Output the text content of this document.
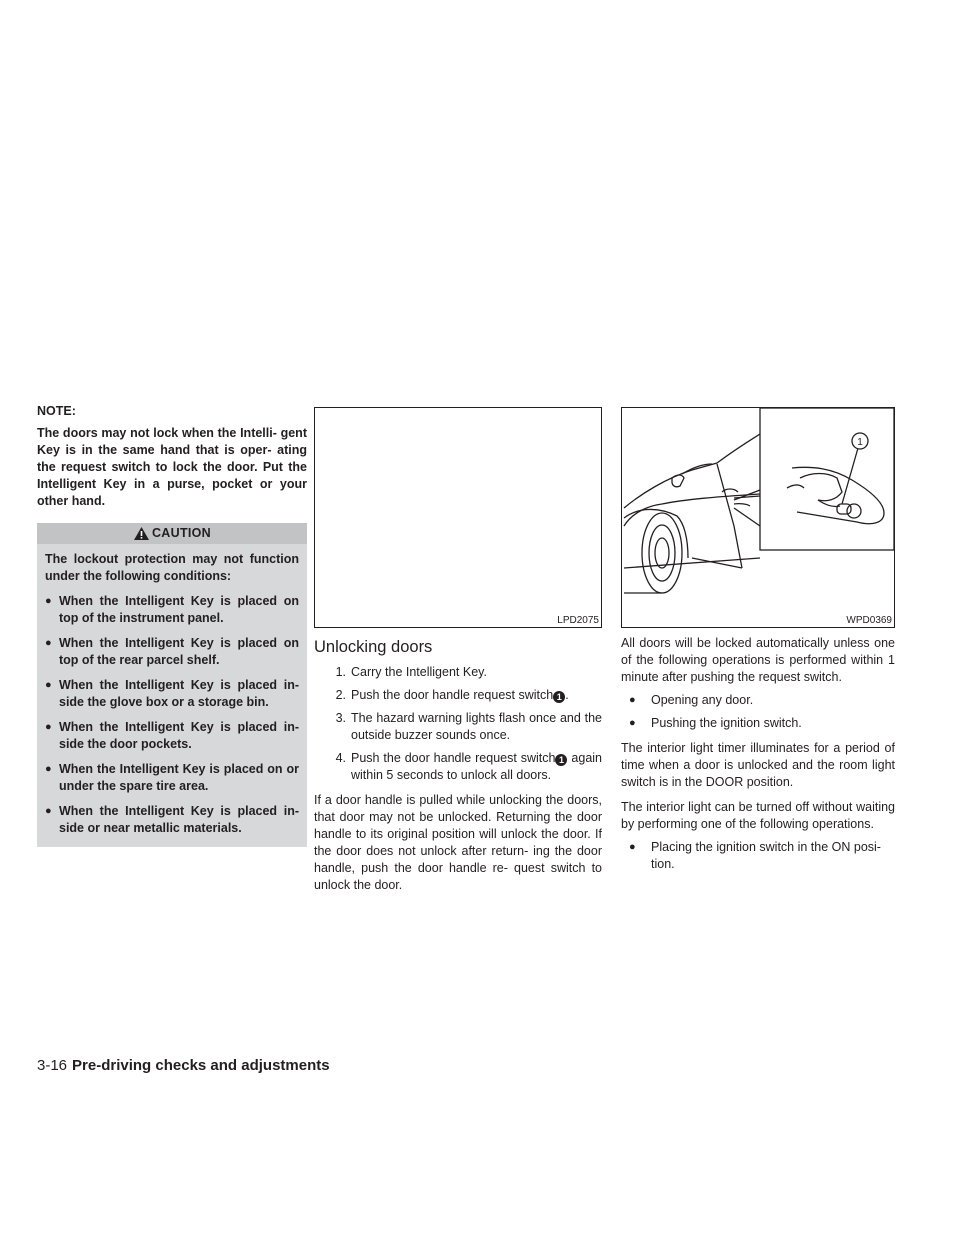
NOTE:

The doors may not lock when the Intelli- gent Key is in the same hand that is oper- ating the request switch to lock the door. Put the Intelligent Key in a purse, pocket or your other hand.

CAUTION

The lockout protection may not function under the following conditions:

● When the Intelligent Key is placed on top of the instrument panel.
● When the Intelligent Key is placed on top of the rear parcel shelf.
● When the Intelligent Key is placed in- side the glove box or a storage bin.
● When the Intelligent Key is placed in- side the door pockets.
● When the Intelligent Key is placed on or under the spare tire area.
● When the Intelligent Key is placed in- side or near metallic materials.
LPD2075
Unlocking doors
1. Carry the Intelligent Key.
2. Push the door handle request switch 1 .
3. The hazard warning lights flash once and the outside buzzer sounds once.
4. Push the door handle request switch 1 again within 5 seconds to unlock all doors.

If a door handle is pulled while unlocking the doors, that door may not be unlocked. Returning the door handle to its original position will unlock the door. If the door does not unlock after return- ing the door handle, push the door handle re- quest switch to unlock the door.

1
WPD0369

All doors will be locked automatically unless one of the following operations is performed within 1 minute after pushing the request switch.

●	Opening any door.
●	Pushing the ignition switch.

The interior light timer illuminates for a period of time when a door is unlocked and the room light switch is in the DOOR position.

The interior light can be turned off without waiting by performing one of the following operations.

●	Placing the ignition switch in the ON posi- tion.
3-16 Pre-driving checks and adjustments
